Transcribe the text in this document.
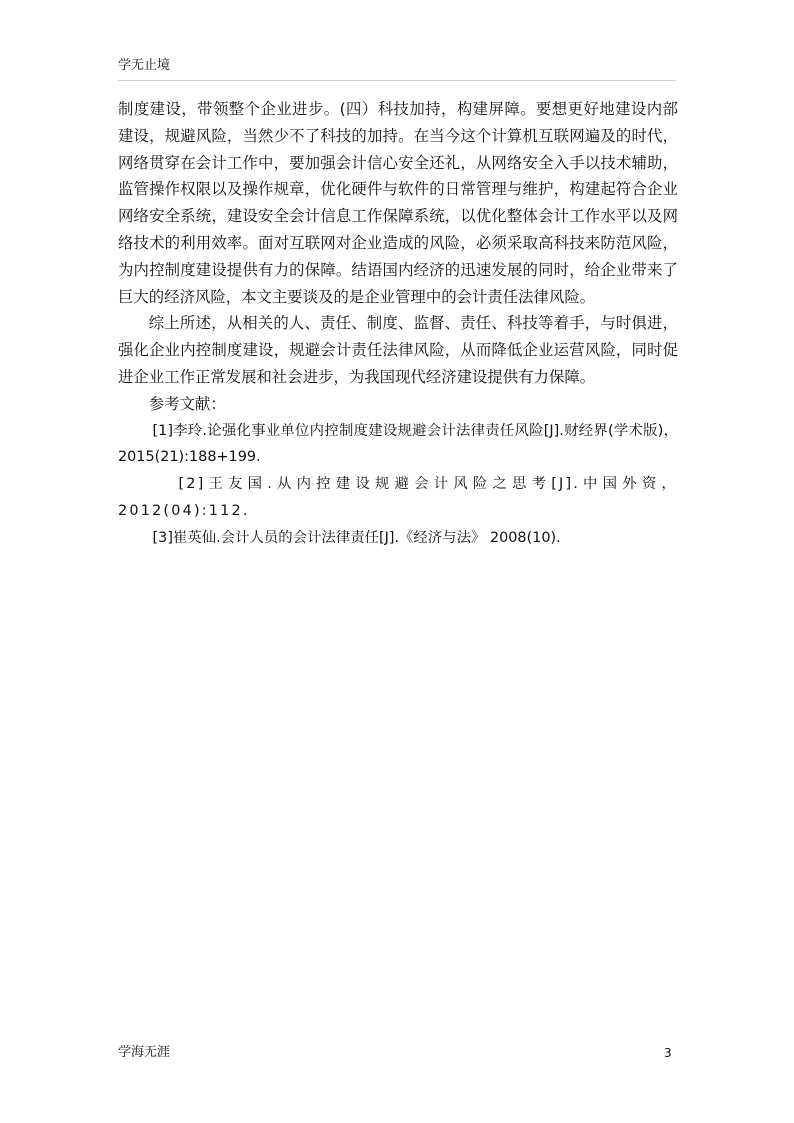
学无止境

制度建设，带领整个企业进步。(四）科技加持，构建屏障。要想更好地建设内部建设，规避风险，当然少不了科技的加持。在当今这个计算机互联网遍及的时代，网络贯穿在会计工作中，要加强会计信心安全还礼，从网络安全入手以技术辅助，监管操作权限以及操作规章，优化硬件与软件的日常管理与维护，构建起符合企业网络安全系统，建设安全会计信息工作保障系统，以优化整体会计工作水平以及网络技术的利用效率。面对互联网对企业造成的风险，必须采取高科技来防范风险，为内控制度建设提供有力的保障。结语国内经济的迅速发展的同时，给企业带来了巨大的经济风险，本文主要谈及的是企业管理中的会计责任法律风险。

综上所述，从相关的人、责任、制度、监督、责任、科技等着手，与时俱进，强化企业内控制度建设，规避会计责任法律风险，从而降低企业运营风险，同时促进企业工作正常发展和社会进步，为我国现代经济建设提供有力保障。

参考文献：

[1]李玲.论强化事业单位内控制度建设规避会计法律责任风险[J].财经界(学术版)，2015(21):188+199.

[2]王友国.从内控建设规避会计风险之思考[J].中国外资，2012(04):112.

[3]崔英仙.会计人员的会计法律责任[J].《经济与法》 2008(10).

学海无涯	3
